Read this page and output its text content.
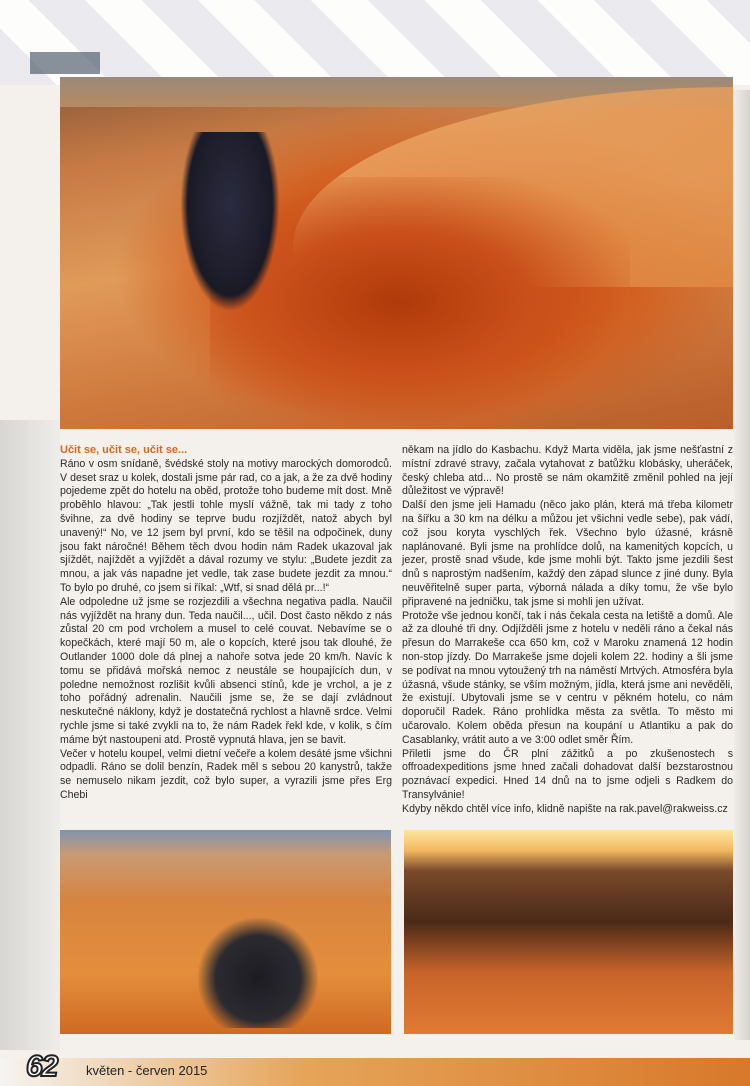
Učit se, učit se, učit se...

Ráno v osm snídaně, švédské stoly na motivy marockých domorodců. V deset sraz u kolek, dostali jsme pár rad, co a jak, a že za dvě hodiny pojedeme zpět do hotelu na oběd, protože toho budeme mít dost. Mně proběhlo hlavou: „Tak jestli tohle myslí vážně, tak mi tady z toho švihne, za dvě hodiny se teprve budu rozjíždět, natož abych byl unavený!“ No, ve 12 jsem byl první, kdo se těšil na odpočinek, duny jsou fakt náročné! Během těch dvou hodin nám Radek ukazoval jak sjíždět, najíždět a vyjíždět a dával rozumy ve stylu: „Budete jezdit za mnou, a jak vás napadne jet vedle, tak zase budete jezdit za mnou.“ To bylo po druhé, co jsem si říkal: „Wtf, si snad dělá pr...!“

Ale odpoledne už jsme se rozjezdili a všechna negativa padla. Naučil nás vyjíždět na hrany dun. Teda naučil..., učil. Dost často někdo z nás zůstal 20 cm pod vrcholem a musel to celé couvat. Nebavíme se o kopečkách, které mají 50 m, ale o kopcích, které jsou tak dlouhé, že Outlander 1000 dole dá plnej a nahoře sotva jede 20 km/h. Navíc k tomu se přidává mořská nemoc z neustále se houpajících dun, v poledne nemožnost rozlišit kvůli absenci stínů, kde je vrchol, a je z toho pořádný adrenalin. Naučili jsme se, že se dají zvládnout neskutečné náklony, když je dostatečná rychlost a hlavně srdce. Velmi rychle jsme si také zvykli na to, že nám Radek řekl kde, v kolik, s čím máme být nastoupeni atd. Prostě vypnutá hlava, jen se bavit.

Večer v hotelu koupel, velmi dietní večeře a kolem desáté jsme všichni odpadli. Ráno se dolil benzín, Radek měl s sebou 20 kanystrů, takže se nemuselo nikam jezdit, což bylo super, a vyrazili jsme přes Erg Chebi

někam na jídlo do Kasbachu. Když Marta viděla, jak jsme nešťastní z místní zdravé stravy, začala vytahovat z batůžku klobásky, uheráček, český chleba atd... No prostě se nám okamžitě změnil pohled na její důležitost ve výpravě!

Další den jsme jeli Hamadu (něco jako plán, která má třeba kilometr na šířku a 30 km na délku a můžou jet všichni vedle sebe), pak vádí, což jsou koryta vyschlých řek. Všechno bylo úžasné, krásně naplánované. Byli jsme na prohlídce dolů, na kamenitých kopcích, u jezer, prostě snad všude, kde jsme mohli být. Takto jsme jezdili šest dnů s naprostým nadšením, každý den západ slunce z jiné duny. Byla neuvěřitelně super parta, výborná nálada a díky tomu, že vše bylo připravené na jedničku, tak jsme si mohli jen užívat.

Protože vše jednou končí, tak i nás čekala cesta na letiště a domů. Ale až za dlouhé tři dny. Odjížděli jsme z hotelu v neděli ráno a čekal nás přesun do Marrakeše cca 650 km, což v Maroku znamená 12 hodin non-stop jízdy. Do Marrakeše jsme dojeli kolem 22. hodiny a šli jsme se podívat na mnou vytoužený trh na náměstí Mrtvých. Atmosféra byla úžasná, všude stánky, se vším možným, jídla, která jsme ani nevěděli, že existují. Ubytovali jsme se v centru v pěkném hotelu, co nám doporučil Radek. Ráno prohlídka města za světla. To město mi učarovalo. Kolem oběda přesun na koupání u Atlantiku a pak do Casablanky, vrátit auto a ve 3:00 odlet směr Řím.

Přiletli jsme do ČR plní zážitků a po zkušenostech s offroadexpeditions jsme hned začali dohadovat další bezstarostnou poznávací expedici. Hned 14 dnů na to jsme odjeli s Radkem do Transylvánie!

Kdyby někdo chtěl více info, klidně napište na rak.pavel@rakweiss.cz

62 květen - červen 2015
